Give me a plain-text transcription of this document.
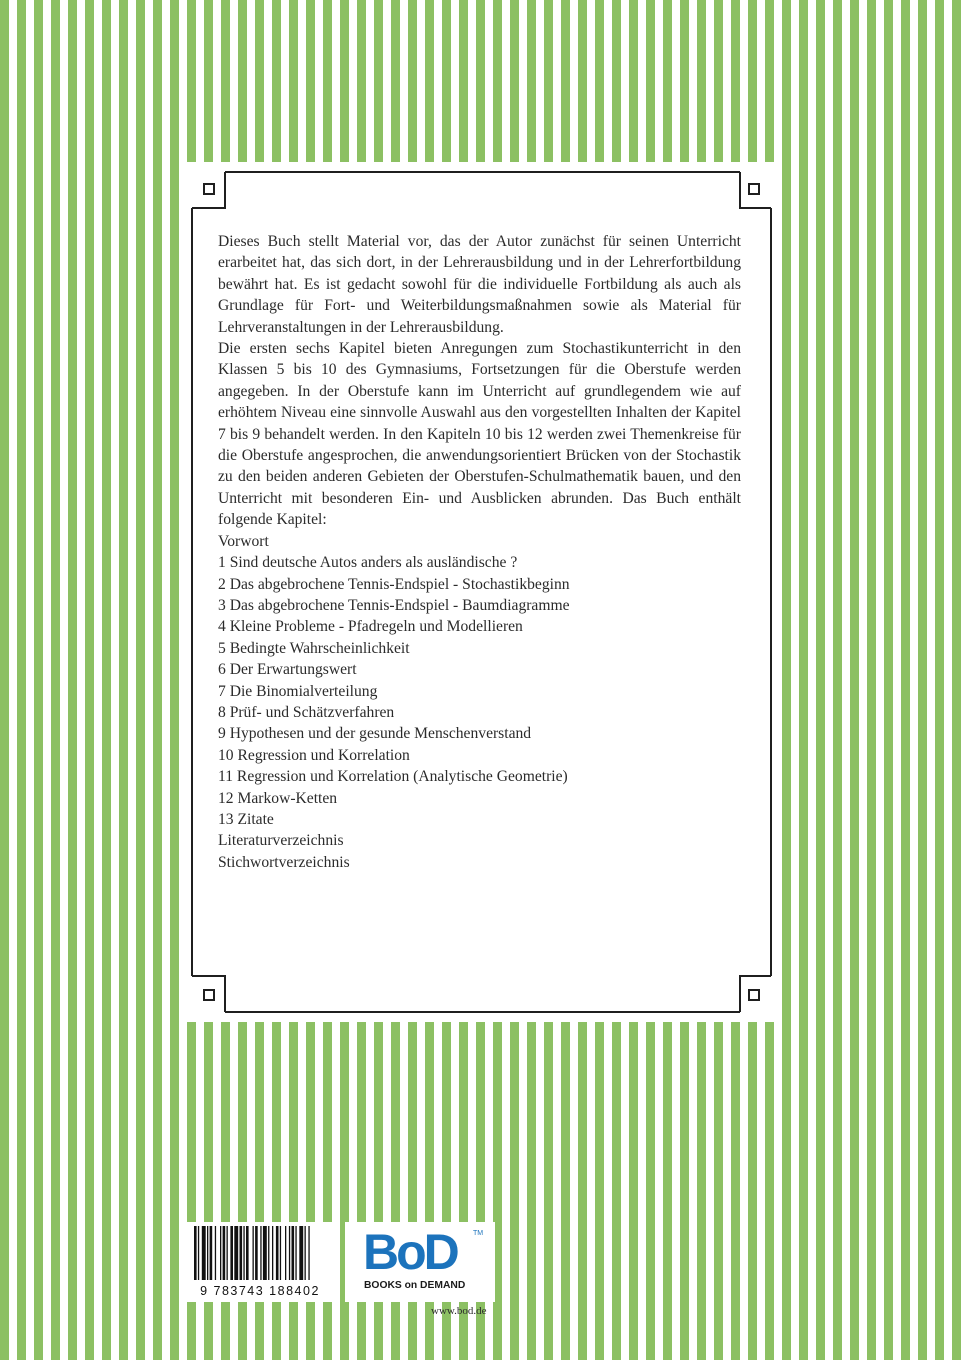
Dieses Buch stellt Material vor, das der Autor zunächst für seinen Unterricht erarbeitet hat, das sich dort, in der Lehrerausbildung und in der Lehrerfortbildung bewährt hat. Es ist gedacht sowohl für die individuelle Fortbildung als auch als Grundlage für Fort- und Weiterbildungsmaßnahmen sowie als Material für Lehrveranstaltungen in der Lehrerausbildung.

Die ersten sechs Kapitel bieten Anregungen zum Stochastikunterricht in den Klassen 5 bis 10 des Gymnasiums, Fortsetzungen für die Oberstufe werden angegeben. In der Oberstufe kann im Unterricht auf grundlegendem wie auf erhöhtem Niveau eine sinnvolle Auswahl aus den vorgestellten Inhalten der Kapitel 7 bis 9 behandelt werden. In den Kapiteln 10 bis 12 werden zwei Themenkreise für die Oberstufe angesprochen, die anwendungsorientiert Brücken von der Stochastik zu den beiden anderen Gebieten der Oberstufen-Schulmathematik bauen, und den Unterricht mit besonderen Ein- und Ausblicken abrunden. Das Buch enthält folgende Kapitel:

Vorwort
1 Sind deutsche Autos anders als ausländische ?
2 Das abgebrochene Tennis-Endspiel - Stochastikbeginn
3 Das abgebrochene Tennis-Endspiel - Baumdiagramme
4 Kleine Probleme - Pfadregeln und Modellieren
5 Bedingte Wahrscheinlichkeit
6 Der Erwartungswert
7 Die Binomialverteilung
8 Prüf- und Schätzverfahren
9 Hypothesen und der gesunde Menschenverstand
10 Regression und Korrelation
11 Regression und Korrelation (Analytische Geometrie)
12 Markow-Ketten
13 Zitate
Literaturverzeichnis
Stichwortverzeichnis
9 783743 188402
BoD TM
BOOKS on DEMAND
www.bod.de
